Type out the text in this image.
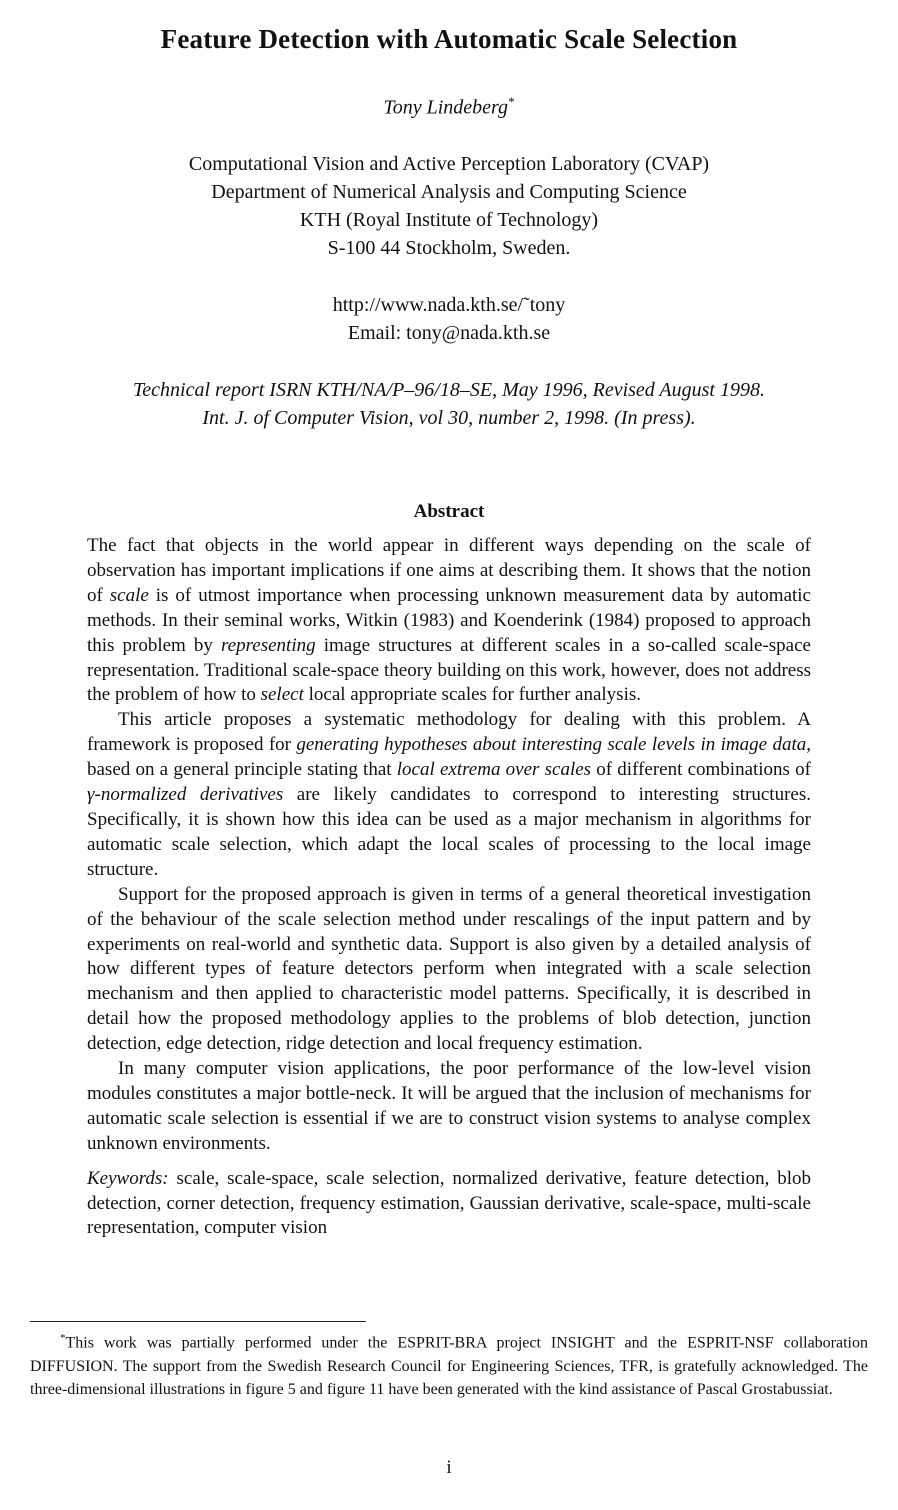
Feature Detection with Automatic Scale Selection
Tony Lindeberg*
Computational Vision and Active Perception Laboratory (CVAP)
Department of Numerical Analysis and Computing Science
KTH (Royal Institute of Technology)
S-100 44 Stockholm, Sweden.
http://www.nada.kth.se/˜tony
Email: tony@nada.kth.se
Technical report ISRN KTH/NA/P–96/18–SE, May 1996, Revised August 1998.
Int. J. of Computer Vision, vol 30, number 2, 1998. (In press).
Abstract

The fact that objects in the world appear in different ways depending on the scale of observation has important implications if one aims at describing them. It shows that the notion of scale is of utmost importance when processing unknown measurement data by automatic methods. In their seminal works, Witkin (1983) and Koenderink (1984) proposed to approach this problem by representing image structures at different scales in a so-called scale-space representation. Traditional scale-space theory building on this work, however, does not address the problem of how to select local appropriate scales for further analysis.

This article proposes a systematic methodology for dealing with this problem. A framework is proposed for generating hypotheses about interesting scale levels in image data, based on a general principle stating that local extrema over scales of different combinations of γ-normalized derivatives are likely candidates to correspond to interesting structures. Specifically, it is shown how this idea can be used as a major mechanism in algorithms for automatic scale selection, which adapt the local scales of processing to the local image structure.

Support for the proposed approach is given in terms of a general theoretical investigation of the behaviour of the scale selection method under rescalings of the input pattern and by experiments on real-world and synthetic data. Support is also given by a detailed analysis of how different types of feature detectors perform when integrated with a scale selection mechanism and then applied to characteristic model patterns. Specifically, it is described in detail how the proposed methodology applies to the problems of blob detection, junction detection, edge detection, ridge detection and local frequency estimation.

In many computer vision applications, the poor performance of the low-level vision modules constitutes a major bottle-neck. It will be argued that the inclusion of mechanisms for automatic scale selection is essential if we are to construct vision systems to analyse complex unknown environments.

Keywords: scale, scale-space, scale selection, normalized derivative, feature detection, blob detection, corner detection, frequency estimation, Gaussian derivative, scale-space, multi-scale representation, computer vision

*This work was partially performed under the ESPRIT-BRA project INSIGHT and the ESPRIT-NSF collaboration DIFFUSION. The support from the Swedish Research Council for Engineering Sciences, TFR, is gratefully acknowledged. The three-dimensional illustrations in figure 5 and figure 11 have been generated with the kind assistance of Pascal Grostabussiat.
i
